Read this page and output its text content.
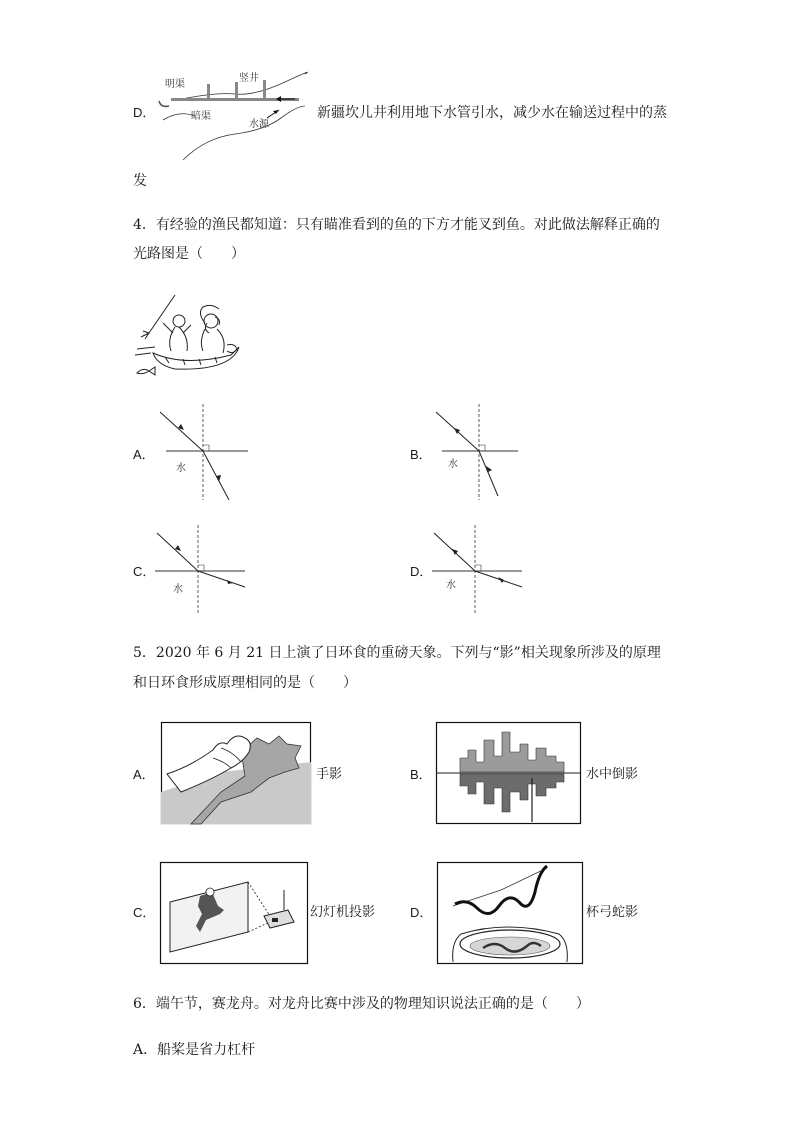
D．
明渠
竖井
暗渠
水源
新疆坎儿井利用地下水管引水，减少水在输送过程中的蒸
发
4．有经验的渔民都知道：只有瞄准看到的鱼的下方才能叉到鱼。对此做法解释正确的
光路图是（　　）
A．
水
B．
水
C．
水
D．
水
5．2020 年 6 月 21 日上演了日环食的重磅天象。下列与“影”相关现象所涉及的原理
和日环食形成原理相同的是（　　）
A．	手影	B．	水中倒影
C．	幻灯机投影	D．	杯弓蛇影
6．端午节，赛龙舟。对龙舟比赛中涉及的物理知识说法正确的是（　　）
A．船桨是省力杠杆
